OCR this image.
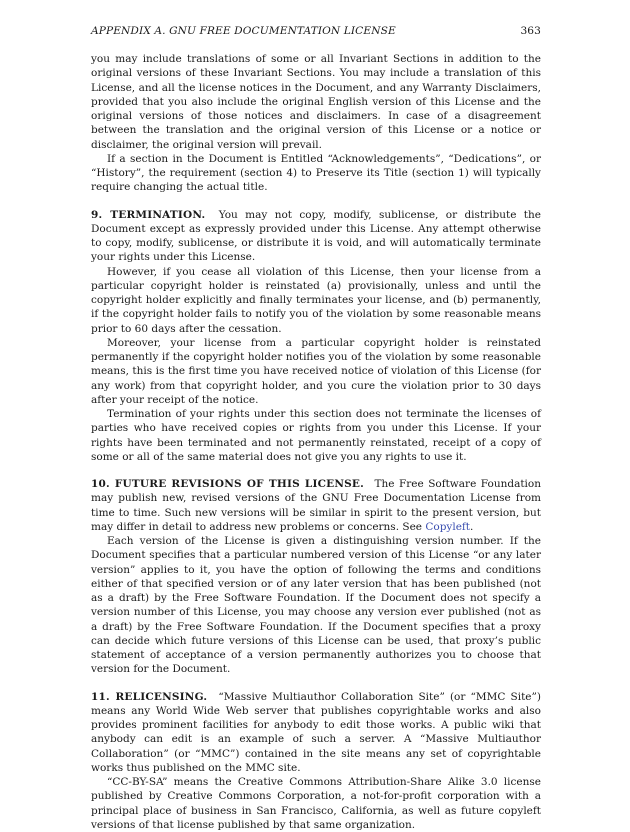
APPENDIX A. GNU FREE DOCUMENTATION LICENSE	363

you may include translations of some or all Invariant Sections in addition to the original versions of these Invariant Sections. You may include a translation of this License, and all the license notices in the Document, and any Warranty Disclaimers, provided that you also include the original English version of this License and the original versions of those notices and disclaimers. In case of a disagreement between the translation and the original version of this License or a notice or disclaimer, the original version will prevail.

If a section in the Document is Entitled “Acknowledgements”, “Dedications”, or “History”, the requirement (section 4) to Preserve its Title (section 1) will typically require changing the actual title.

9. TERMINATION. You may not copy, modify, sublicense, or distribute the Document except as expressly provided under this License. Any attempt otherwise to copy, modify, sublicense, or distribute it is void, and will automatically terminate your rights under this License.

However, if you cease all violation of this License, then your license from a particular copyright holder is reinstated (a) provisionally, unless and until the copyright holder explicitly and finally terminates your license, and (b) permanently, if the copyright holder fails to notify you of the violation by some reasonable means prior to 60 days after the cessation.

Moreover, your license from a particular copyright holder is reinstated permanently if the copyright holder notifies you of the violation by some reasonable means, this is the first time you have received notice of violation of this License (for any work) from that copyright holder, and you cure the violation prior to 30 days after your receipt of the notice.

Termination of your rights under this section does not terminate the licenses of parties who have received copies or rights from you under this License. If your rights have been terminated and not permanently reinstated, receipt of a copy of some or all of the same material does not give you any rights to use it.

10. FUTURE REVISIONS OF THIS LICENSE. The Free Software Foundation may publish new, revised versions of the GNU Free Documentation License from time to time. Such new versions will be similar in spirit to the present version, but may differ in detail to address new problems or concerns. See Copyleft.

Each version of the License is given a distinguishing version number. If the Document specifies that a particular numbered version of this License “or any later version” applies to it, you have the option of following the terms and conditions either of that specified version or of any later version that has been published (not as a draft) by the Free Software Foundation. If the Document does not specify a version number of this License, you may choose any version ever published (not as a draft) by the Free Software Foundation. If the Document specifies that a proxy can decide which future versions of this License can be used, that proxy’s public statement of acceptance of a version permanently authorizes you to choose that version for the Document.

11. RELICENSING. “Massive Multiauthor Collaboration Site” (or “MMC Site”) means any World Wide Web server that publishes copyrightable works and also provides prominent facilities for anybody to edit those works. A public wiki that anybody can edit is an example of such a server. A “Massive Multiauthor Collaboration” (or “MMC”) contained in the site means any set of copyrightable works thus published on the MMC site.

“CC-BY-SA” means the Creative Commons Attribution-Share Alike 3.0 license published by Creative Commons Corporation, a not-for-profit corporation with a principal place of business in San Francisco, California, as well as future copyleft versions of that license published by that same organization.
